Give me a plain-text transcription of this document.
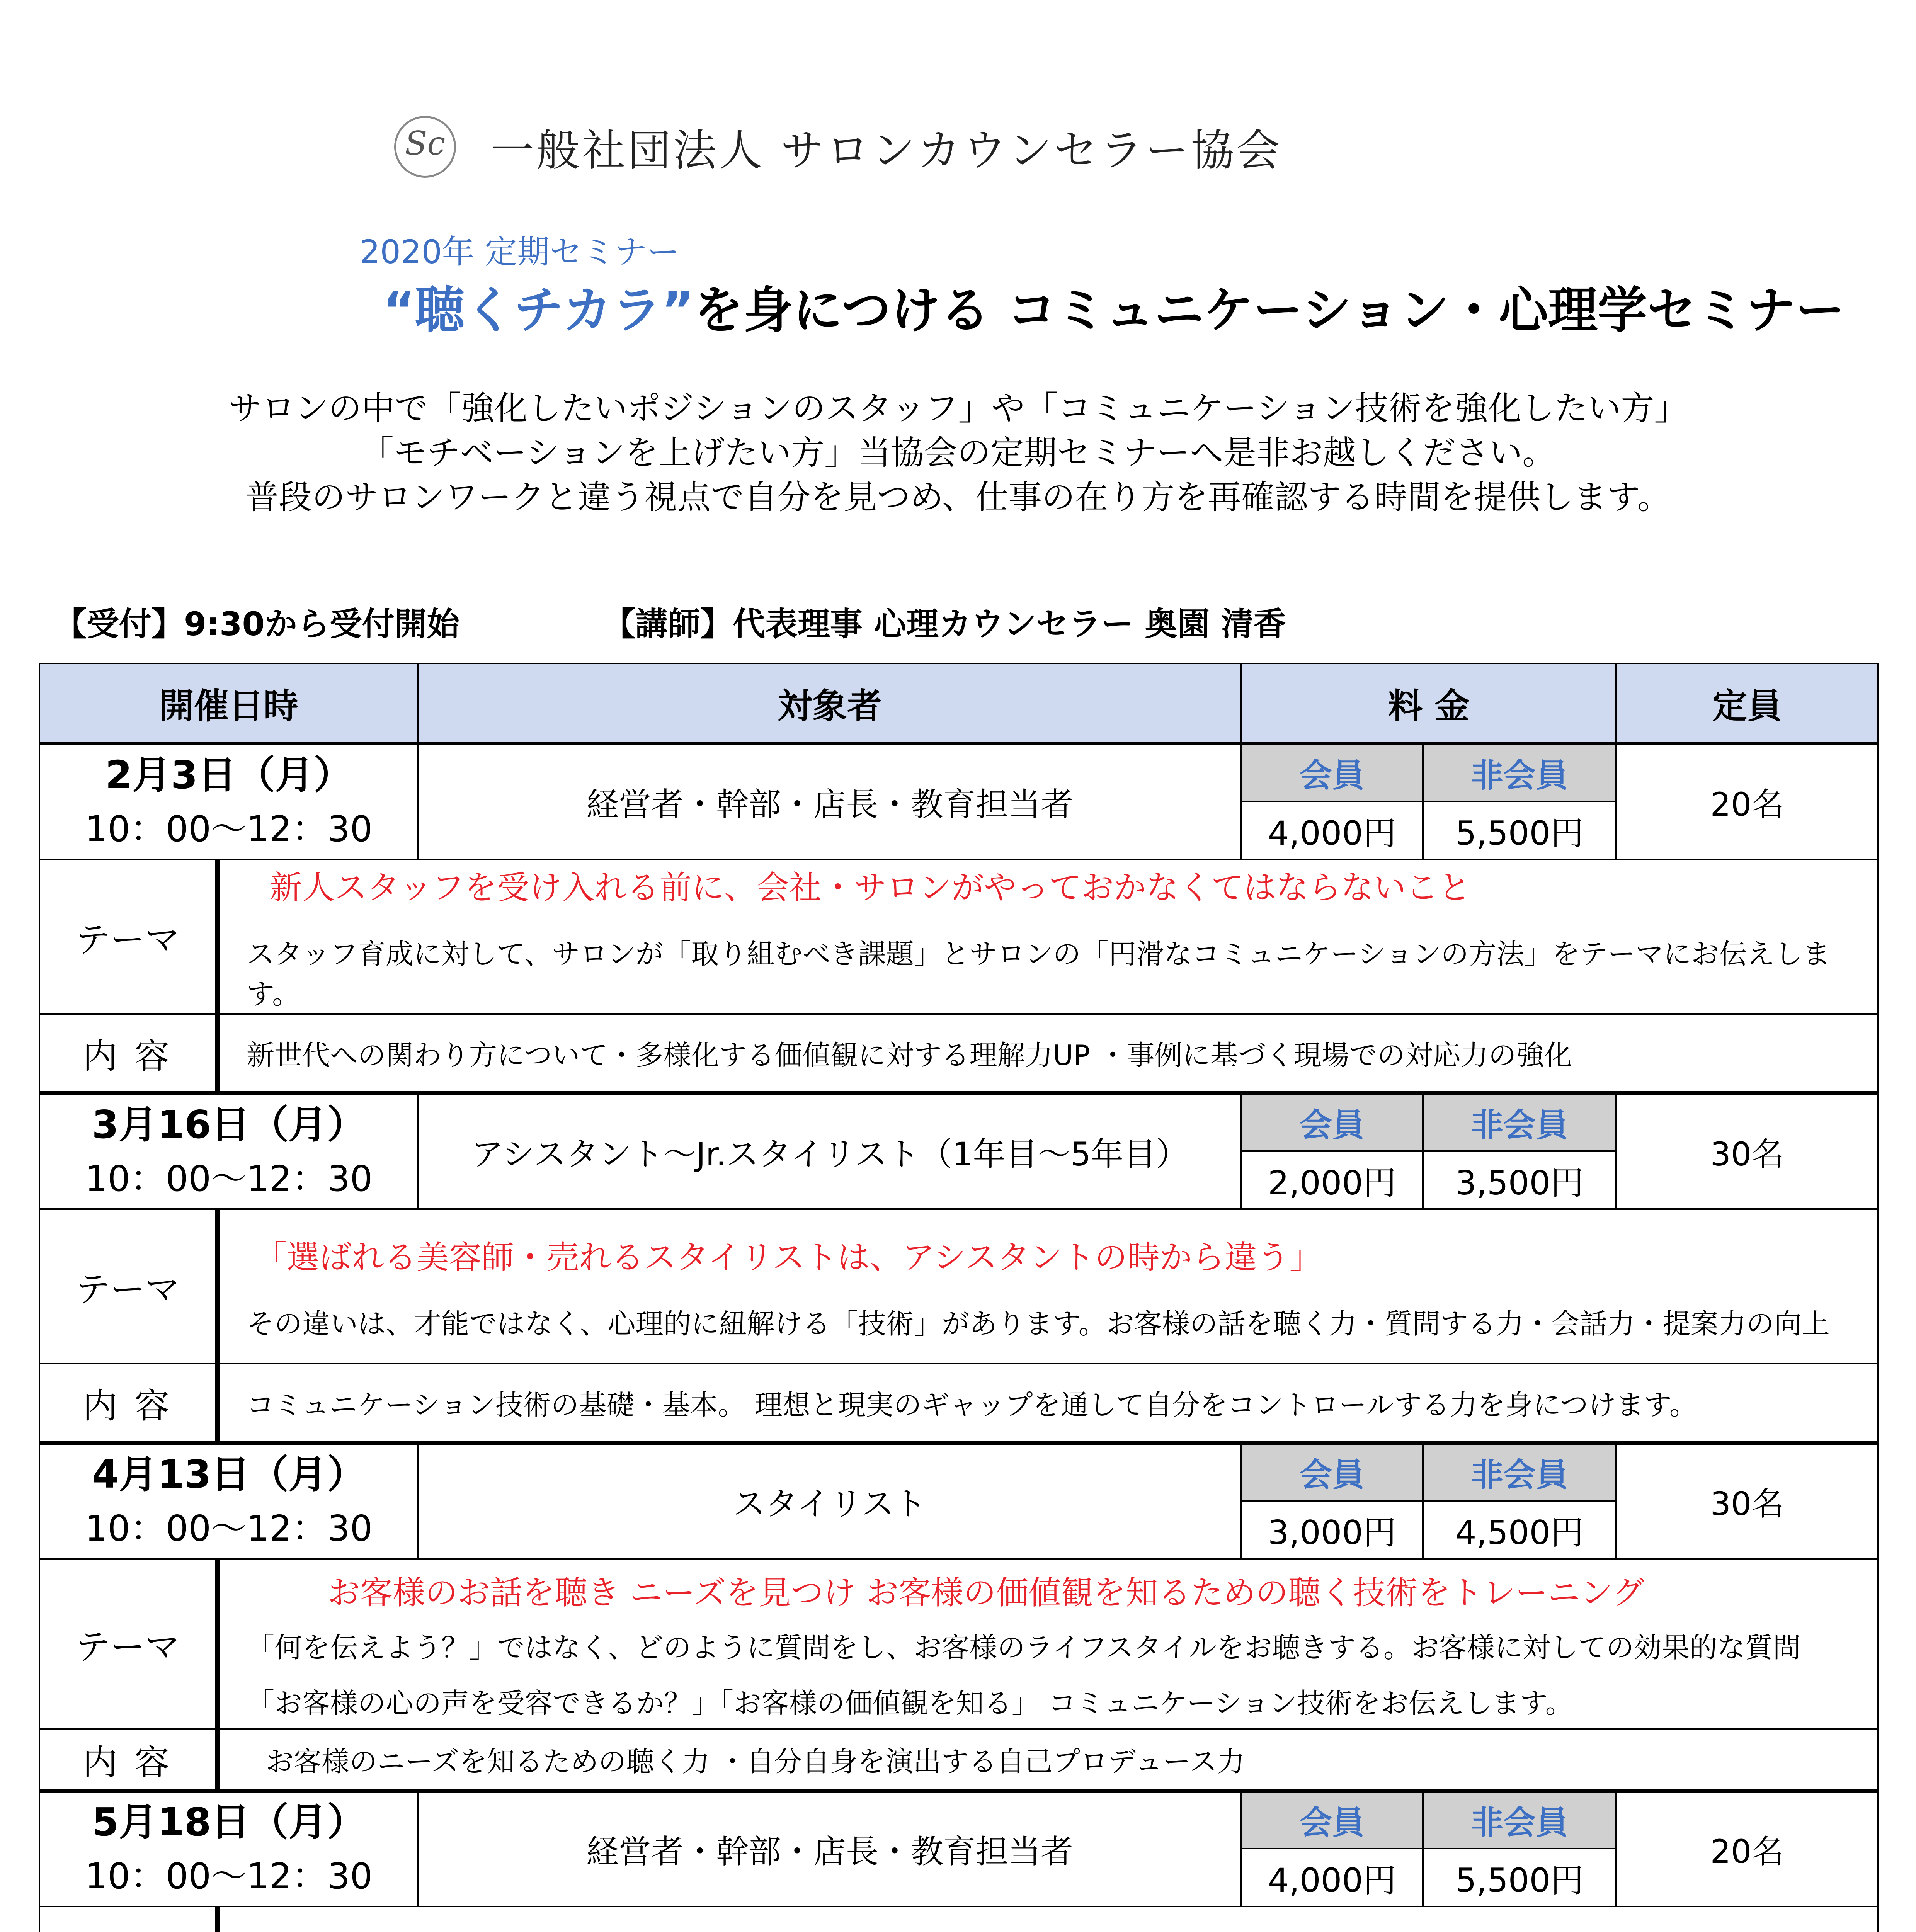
Sc 一般社団法人 サロンカウンセラー協会
2020年 定期セミナー
“聴くチカラ”を身につける コミュニケーション・心理学セミナー
サロンの中で「強化したいポジションのスタッフ」や「コミュニケーション技術を強化したい方」
「モチベーションを上げたい方」当協会の定期セミナーへ是非お越しください。
普段のサロンワークと違う視点で自分を見つめ、仕事の在り方を再確認する時間を提供します。
【受付】9:30から受付開始	【講師】代表理事 心理カウンセラー 奥園 清香
開催日時		対象者	料 金		定員

2月3日（月）
10：00～12：30		経営者・幹部・店長・教育担当者	会員	非会員	20名
			4,000円	5,500円	
テーマ	新人スタッフを受け入れる前に、会社・サロンがやっておかなくてはならないこと
スタッフ育成に対して、サロンが「取り組むべき課題」とサロンの「円滑なコミュニケーションの方法」をテーマにお伝えします。				

内 容	新世代への関わり方について・多様化する価値観に対する理解力UP ・事例に基づく現場での対応力の強化				

3月16日（月）
10：00～12：30		アシスタント～Jr.スタイリスト（1年目～5年目）	会員	非会員	30名
			2,000円	3,500円	
テーマ	「選ばれる美容師・売れるスタイリストは、アシスタントの時から違う」
その違いは、才能ではなく、心理的に紐解ける「技術」があります。お客様の話を聴く力・質問する力・会話力・提案力の向上				

内 容	コミュニケーション技術の基礎・基本。 理想と現実のギャップを通して自分をコントロールする力を身につけます。				

4月13日（月）
10：00～12：30		スタイリスト	会員	非会員	30名
			3,000円	4,500円	
テーマ	お客様のお話を聴き ニーズを見つけ お客様の価値観を知るための聴く技術をトレーニング
「何を伝えよう？」ではなく、どのように質問をし、お客様のライフスタイルをお聴きする。お客様に対しての効果的な質問
「お客様の心の声を受容できるか？」「お客様の価値観を知る」 コミュニケーション技術をお伝えします。				

内 容	お客様のニーズを知るための聴く力 ・自分自身を演出する自己プロデュース力				

5月18日（月）
10：00～12：30		経営者・幹部・店長・教育担当者	会員	非会員	20名
			4,000円	5,500円	
